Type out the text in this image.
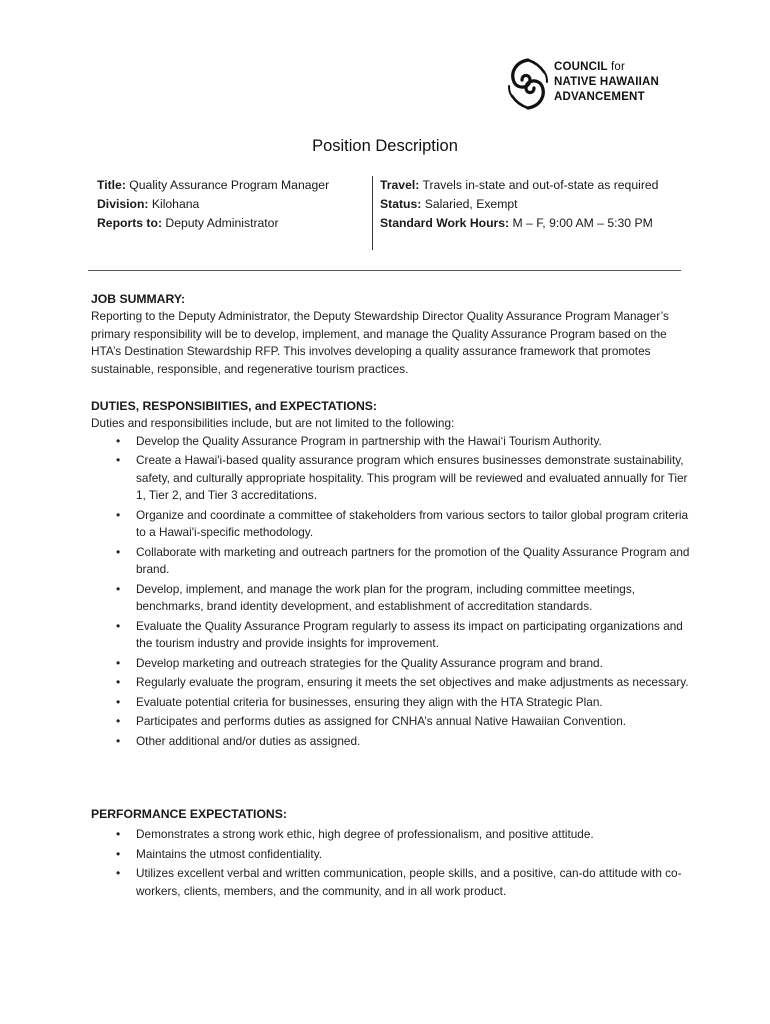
COUNCIL for
NATIVE HAWAIIAN
ADVANCEMENT
Position Description
Title: Quality Assurance Program Manager
Division: Kilohana
Reports to: Deputy Administrator
Travel: Travels in-state and out-of-state as required
Status: Salaried, Exempt
Standard Work Hours: M – F, 9:00 AM – 5:30 PM
JOB SUMMARY:
Reporting to the Deputy Administrator, the Deputy Stewardship Director Quality Assurance Program Manager’s primary responsibility will be to develop, implement, and manage the Quality Assurance Program based on the HTA’s Destination Stewardship RFP. This involves developing a quality assurance framework that promotes sustainable, responsible, and regenerative tourism practices.
DUTIES, RESPONSIBIITIES, and EXPECTATIONS:
Duties and responsibilities include, but are not limited to the following:
• Develop the Quality Assurance Program in partnership with the Hawai‘i Tourism Authority.
• Create a Hawai'i-based quality assurance program which ensures businesses demonstrate sustainability, safety, and culturally appropriate hospitality. This program will be reviewed and evaluated annually for Tier 1, Tier 2, and Tier 3 accreditations.
• Organize and coordinate a committee of stakeholders from various sectors to tailor global program criteria to a Hawai'i-specific methodology.
• Collaborate with marketing and outreach partners for the promotion of the Quality Assurance Program and brand.
• Develop, implement, and manage the work plan for the program, including committee meetings, benchmarks, brand identity development, and establishment of accreditation standards.
• Evaluate the Quality Assurance Program regularly to assess its impact on participating organizations and the tourism industry and provide insights for improvement.
• Develop marketing and outreach strategies for the Quality Assurance program and brand.
• Regularly evaluate the program, ensuring it meets the set objectives and make adjustments as necessary.
• Evaluate potential criteria for businesses, ensuring they align with the HTA Strategic Plan.
• Participates and performs duties as assigned for CNHA’s annual Native Hawaiian Convention.
• Other additional and/or duties as assigned.
PERFORMANCE EXPECTATIONS:
• Demonstrates a strong work ethic, high degree of professionalism, and positive attitude.
• Maintains the utmost confidentiality.
• Utilizes excellent verbal and written communication, people skills, and a positive, can-do attitude with co-workers, clients, members, and the community, and in all work product.
